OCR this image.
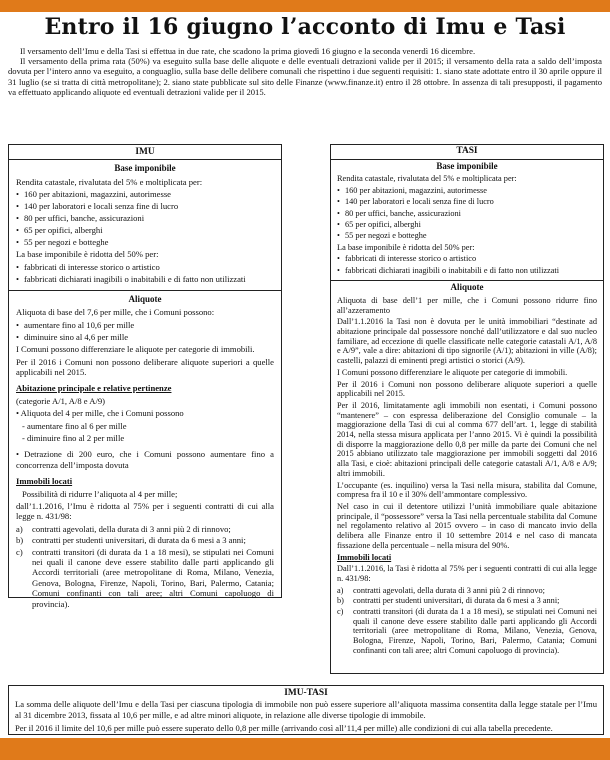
Entro il 16 giugno l’acconto di Imu e Tasi
Il versamento dell’Imu e della Tasi si effettua in due rate, che scadono la prima giovedì 16 giugno e la seconda venerdì 16 dicembre.
Il versamento della prima rata (50%) va eseguito sulla base delle aliquote e delle eventuali detrazioni valide per il 2015; il versamento della rata a saldo dell’imposta dovuta per l’intero anno va eseguito, a conguaglio, sulla base delle delibere comunali che rispettino i due seguenti requisiti: 1. siano state adottate entro il 30 aprile oppure il 31 luglio (se si tratta di città metropolitane); 2. siano state pubblicate sul sito delle Finanze (www.finanze.it) entro il 28 ottobre. In assenza di tali presupposti, il pagamento va effettuato applicando aliquote ed eventuali detrazioni valide per il 2015.
IMU
Base imponibile

Rendita catastale, rivalutata del 5% e moltiplicata per:

• 160 per abitazioni, magazzini, autorimesse
• 140 per laboratori e locali senza fine di lucro
• 80 per uffici, banche, assicurazioni
• 65 per opifici, alberghi
• 55 per negozi e botteghe

La base imponibile è ridotta del 50% per:

• fabbricati di interesse storico o artistico
• fabbricati dichiarati inagibili o inabitabili e di fatto non utilizzati
Aliquote

Aliquota di base del 7,6 per mille, che i Comuni possono:

• aumentare fino al 10,6 per mille
• diminuire sino al 4,6 per mille

I Comuni possono differenziare le aliquote per categorie di immobili.

Per il 2016 i Comuni non possono deliberare aliquote superiori a quelle applicabili nel 2015.

Abitazione principale e relative pertinenze

(categorie A/1, A/8 e A/9)

• Aliquota del 4 per mille, che i Comuni possono

- aumentare fino al 6 per mille

- diminuire fino al 2 per mille

• Detrazione di 200 euro, che i Comuni possono aumentare fino a concorrenza dell’imposta dovuta

Immobili locati

Possibilità di ridurre l’aliquota al 4 per mille;

dall’1.1.2016, l’Imu è ridotta al 75% per i seguenti contratti di cui alla legge n. 431/98:

a)	contratti agevolati, della durata di 3 anni più 2 di rinnovo;
b)	contratti per studenti universitari, di durata da 6 mesi a 3 anni;
c)	contratti transitori (di durata da 1 a 18 mesi), se stipulati nei Comuni nei quali il canone deve essere stabilito dalle parti applicando gli Accordi territoriali (aree metropolitane di Roma, Milano, Venezia, Genova, Bologna, Firenze, Napoli, Torino, Bari, Palermo, Catania; Comuni confinanti con tali aree; altri Comuni capoluogo di provincia).
TASI
Base imponibile

Rendita catastale, rivalutata del 5% e moltiplicata per:

• 160 per abitazioni, magazzini, autorimesse
• 140 per laboratori e locali senza fine di lucro
• 80 per uffici, banche, assicurazioni
• 65 per opifici, alberghi
• 55 per negozi e botteghe

La base imponibile è ridotta del 50% per:

• fabbricati di interesse storico o artistico
• fabbricati dichiarati inagibili o inabitabili e di fatto non utilizzati
Aliquote

Aliquota di base dell’1 per mille, che i Comuni possono ridurre fino all’azzeramento

Dall’1.1.2016 la Tasi non è dovuta per le unità immobiliari “destinate ad abitazione principale dal possessore nonché dall’utilizzatore e dal suo nucleo familiare, ad eccezione di quelle classificate nelle categorie catastali A/1, A/8 e A/9”, vale a dire: abitazioni di tipo signorile (A/1); abitazioni in ville (A/8); castelli, palazzi di eminenti pregi artistici o storici (A/9).

I Comuni possono differenziare le aliquote per categorie di immobili.

Per il 2016 i Comuni non possono deliberare aliquote superiori a quelle applicabili nel 2015.

Per il 2016, limitatamente agli immobili non esentati, i Comuni possono “mantenere” – con espressa deliberazione del Consiglio comunale – la maggiorazione della Tasi di cui al comma 677 dell’art. 1, legge di stabilità 2014, nella stessa misura applicata per l’anno 2015. Vi è quindi la possibilità di disporre la maggiorazione dello 0,8 per mille da parte dei Comuni che nel 2015 abbiano utilizzato tale maggiorazione per immobili soggetti dal 2016 alla Tasi, e cioè: abitazioni principali delle categorie catastali A/1, A/8 e A/9; altri immobili.

L’occupante (es. inquilino) versa la Tasi nella misura, stabilita dal Comune, compresa fra il 10 e il 30% dell’ammontare complessivo.

Nel caso in cui il detentore utilizzi l’unità immobiliare quale abitazione principale, il “possessore” versa la Tasi nella percentuale stabilita dal Comune nel regolamento relativo al 2015 ovvero – in caso di mancato invio della delibera alle Finanze entro il 10 settembre 2014 e nel caso di mancata fissazione della percentuale – nella misura del 90%.

Immobili locati

Dall’1.1.2016, la Tasi è ridotta al 75% per i seguenti contratti di cui alla legge n. 431/98:

a)	contratti agevolati, della durata di 3 anni più 2 di rinnovo;
b)	contratti per studenti universitari, di durata da 6 mesi a 3 anni;
c)	contratti transitori (di durata da 1 a 18 mesi), se stipulati nei Comuni nei quali il canone deve essere stabilito dalle parti applicando gli Accordi territoriali (aree metropolitane di Roma, Milano, Venezia, Genova, Bologna, Firenze, Napoli, Torino, Bari, Palermo, Catania; Comuni confinanti con tali aree; altri Comuni capoluogo di provincia).
IMU-TASI

La somma delle aliquote dell’Imu e della Tasi per ciascuna tipologia di immobile non può essere superiore all’aliquota massima consentita dalla legge statale per l’Imu al 31 dicembre 2013, fissata al 10,6 per mille, e ad altre minori aliquote, in relazione alle diverse tipologie di immobile.

Per il 2016 il limite del 10,6 per mille può essere superato dello 0,8 per mille (arrivando così all’11,4 per mille) alle condizioni di cui alla tabella precedente.
